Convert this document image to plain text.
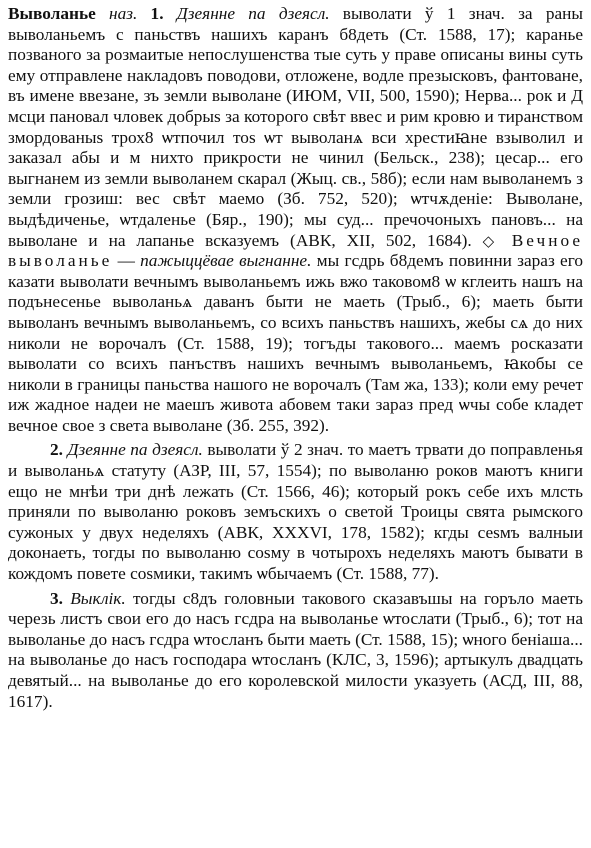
Выволанье наз. 1. Дзеянне па дзеясл. выволати ў 1 знач. за раны выволаньемъ с паньствъ нашихъ каранъ б8деть (Ст. 1588, 17); караньe позваного за розмаитые непослушенства тые суть у праве описаны вины суть ему отправлене накладовъ поводови, отложене, водле презысковъ, фантоване, въ имене ввезане, зъ земли выволане (ИЮМ, VII, 500, 1590); Нерва... рок и Д мсци пановал чловек добрыs за которого свѣт ввес и рим кровю и тиранством змордованыs трох8 ѡтпочил тоs ѡт выволанѧ вси хрестиꙗне взыволил и заказал абы и м нихто прикрости не чинил (Бельск., 238); цесар... его выгнанем из земли выволанем скарал (Жыц. св., 58б); если нам выволанемъ з земли грозиш: вес свѣт маемо (Зб. 752, 520); ѡтчѫденіе: Выволане, выдѣдиченье, ѡтдаленье (Бяр., 190); мы суд... пречочоныхъ пановъ... на выволане и на лапанье всказуемъ (АВК, XII, 502, 1684). ◇ Вечное выволанье — пажыццёвае выгнанне. мы гсдрь б8демъ повинни зараз его казати выволати вечнымъ выволаньемъ ижь вжо таковом8 ѡ кглеить нашъ на подънесенье выволаньѧ даванъ быти не маеть (Трыб., 6); маеть быти выволанъ вечнымъ выволаньемъ, со всихъ паньствъ нашихъ, жебы сѧ до них николи не ворочалъ (Ст. 1588, 19); тогъды такового... маемъ росказати выволати со всихъ панъствъ нашихъ вечнымъ выволаньемъ, ꙗкобы се николи в границы паньства нашого не ворочалъ (Там жа, 133); коли ему речет иж жадное надеи не маешъ живота абовем таки зараз пред ѡчы собе кладет вечное свое з света выволане (Зб. 255, 392).

2. Дзеянне па дзеясл. выволати ў 2 знач. то маетъ трвати до поправленья и выволаньѧ статуту (АЗР, III, 57, 1554); по выволаню роков маютъ книги ещо не мнѣи три днѣ лежать (Ст. 1566, 46); который рокъ себе ихъ млсть приняли по выволаню роковъ земъскихъ о светой Троицы свята рымского сужоных у двух неделяхъ (АВК, XXXVI, 178, 1582); кгды сеsмъ валныи доконаеть, тогды по выволаню соsму в чотырохъ неделяхъ маютъ бывати в кождомъ повете соsмики, такимъ ѡбычаемъ (Ст. 1588, 77).

3. Выклік. тогды с8дъ головныи такового сказавъшы на горъло маеть черезь листъ свои его до насъ гсдра на выволанье ѡтослати (Трыб., 6); тот на выволанье до насъ гсдра ѡтосланъ быти маеть (Ст. 1588, 15); ѡного беніаша... на выволанье до насъ господара ѡтосланъ (КЛС, 3, 1596); артыкулъ двадцать девятый... на выволанье до его королевской милости указуеть (АСД, III, 88, 1617).
